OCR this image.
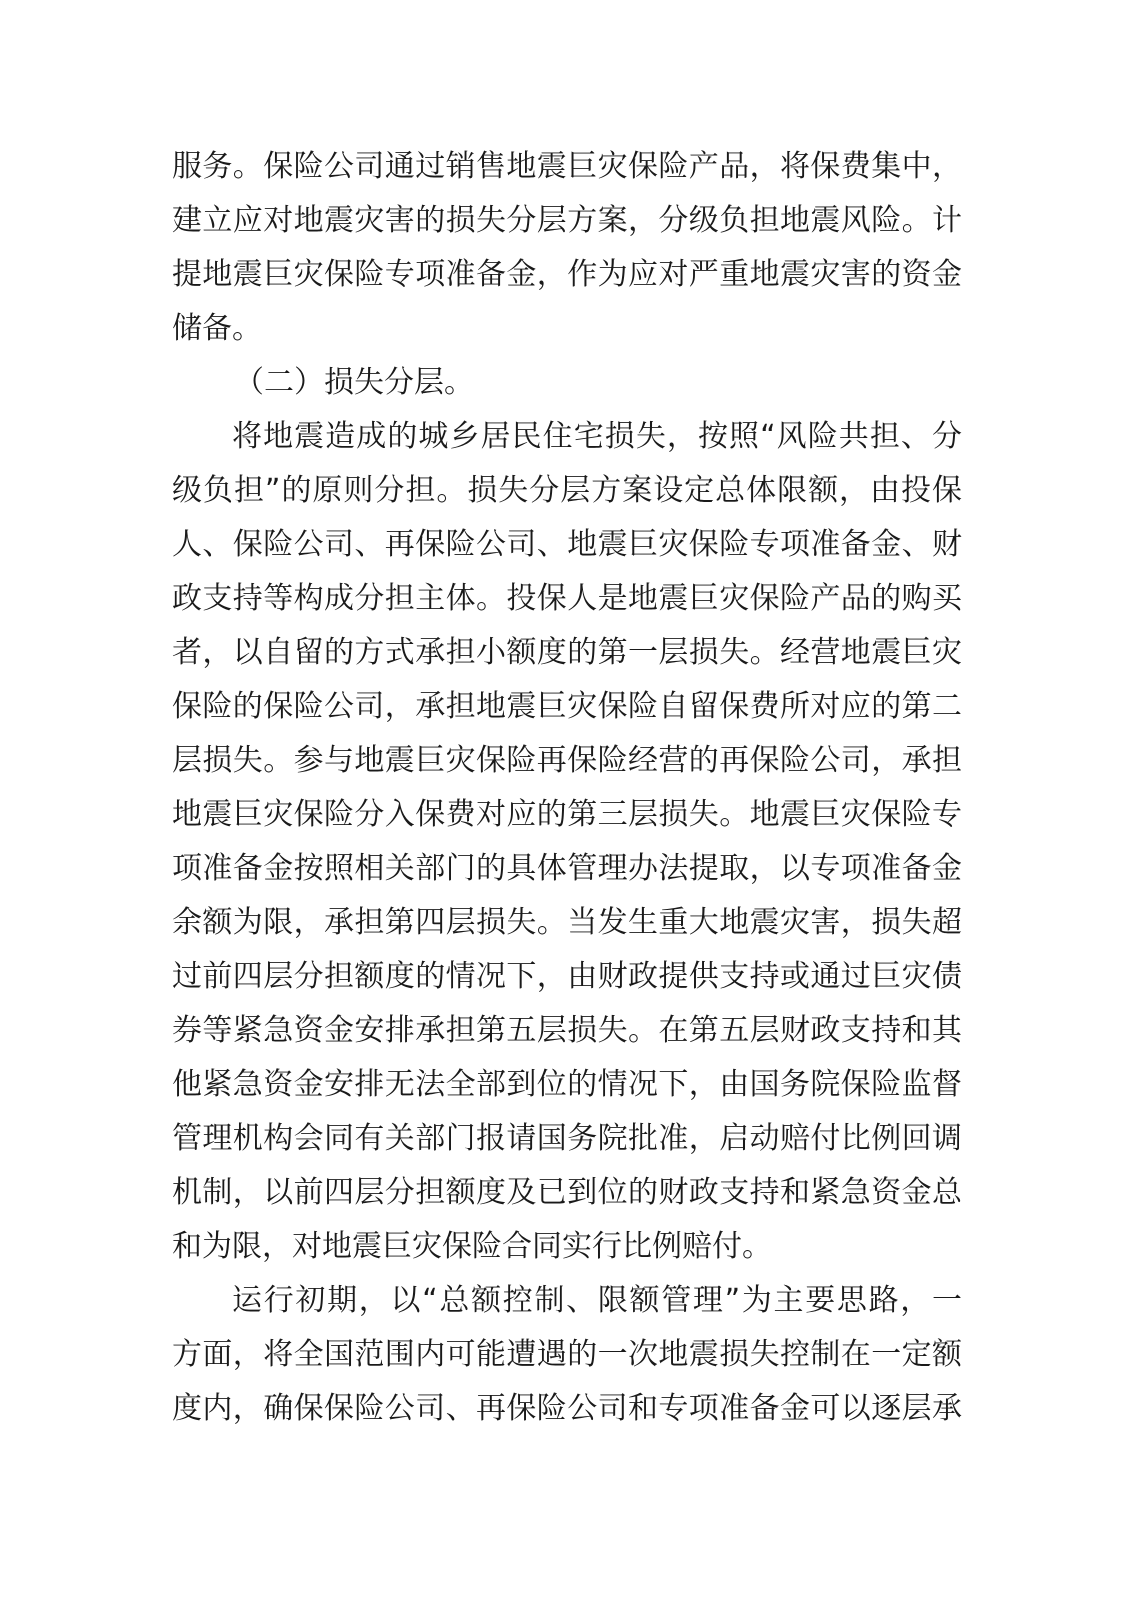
服务。保险公司通过销售地震巨灾保险产品，将保费集中，
建立应对地震灾害的损失分层方案，分级负担地震风险。计
提地震巨灾保险专项准备金，作为应对严重地震灾害的资金
储备。
（二）损失分层。
将地震造成的城乡居民住宅损失，按照“风险共担、分
级负担”的原则分担。损失分层方案设定总体限额，由投保
人、保险公司、再保险公司、地震巨灾保险专项准备金、财
政支持等构成分担主体。投保人是地震巨灾保险产品的购买
者，以自留的方式承担小额度的第一层损失。经营地震巨灾
保险的保险公司，承担地震巨灾保险自留保费所对应的第二
层损失。参与地震巨灾保险再保险经营的再保险公司，承担
地震巨灾保险分入保费对应的第三层损失。地震巨灾保险专
项准备金按照相关部门的具体管理办法提取，以专项准备金
余额为限，承担第四层损失。当发生重大地震灾害，损失超
过前四层分担额度的情况下，由财政提供支持或通过巨灾债
券等紧急资金安排承担第五层损失。在第五层财政支持和其
他紧急资金安排无法全部到位的情况下，由国务院保险监督
管理机构会同有关部门报请国务院批准，启动赔付比例回调
机制，以前四层分担额度及已到位的财政支持和紧急资金总
和为限，对地震巨灾保险合同实行比例赔付。
运行初期，以“总额控制、限额管理”为主要思路，一
方面，将全国范围内可能遭遇的一次地震损失控制在一定额
度内，确保保险公司、再保险公司和专项准备金可以逐层承
